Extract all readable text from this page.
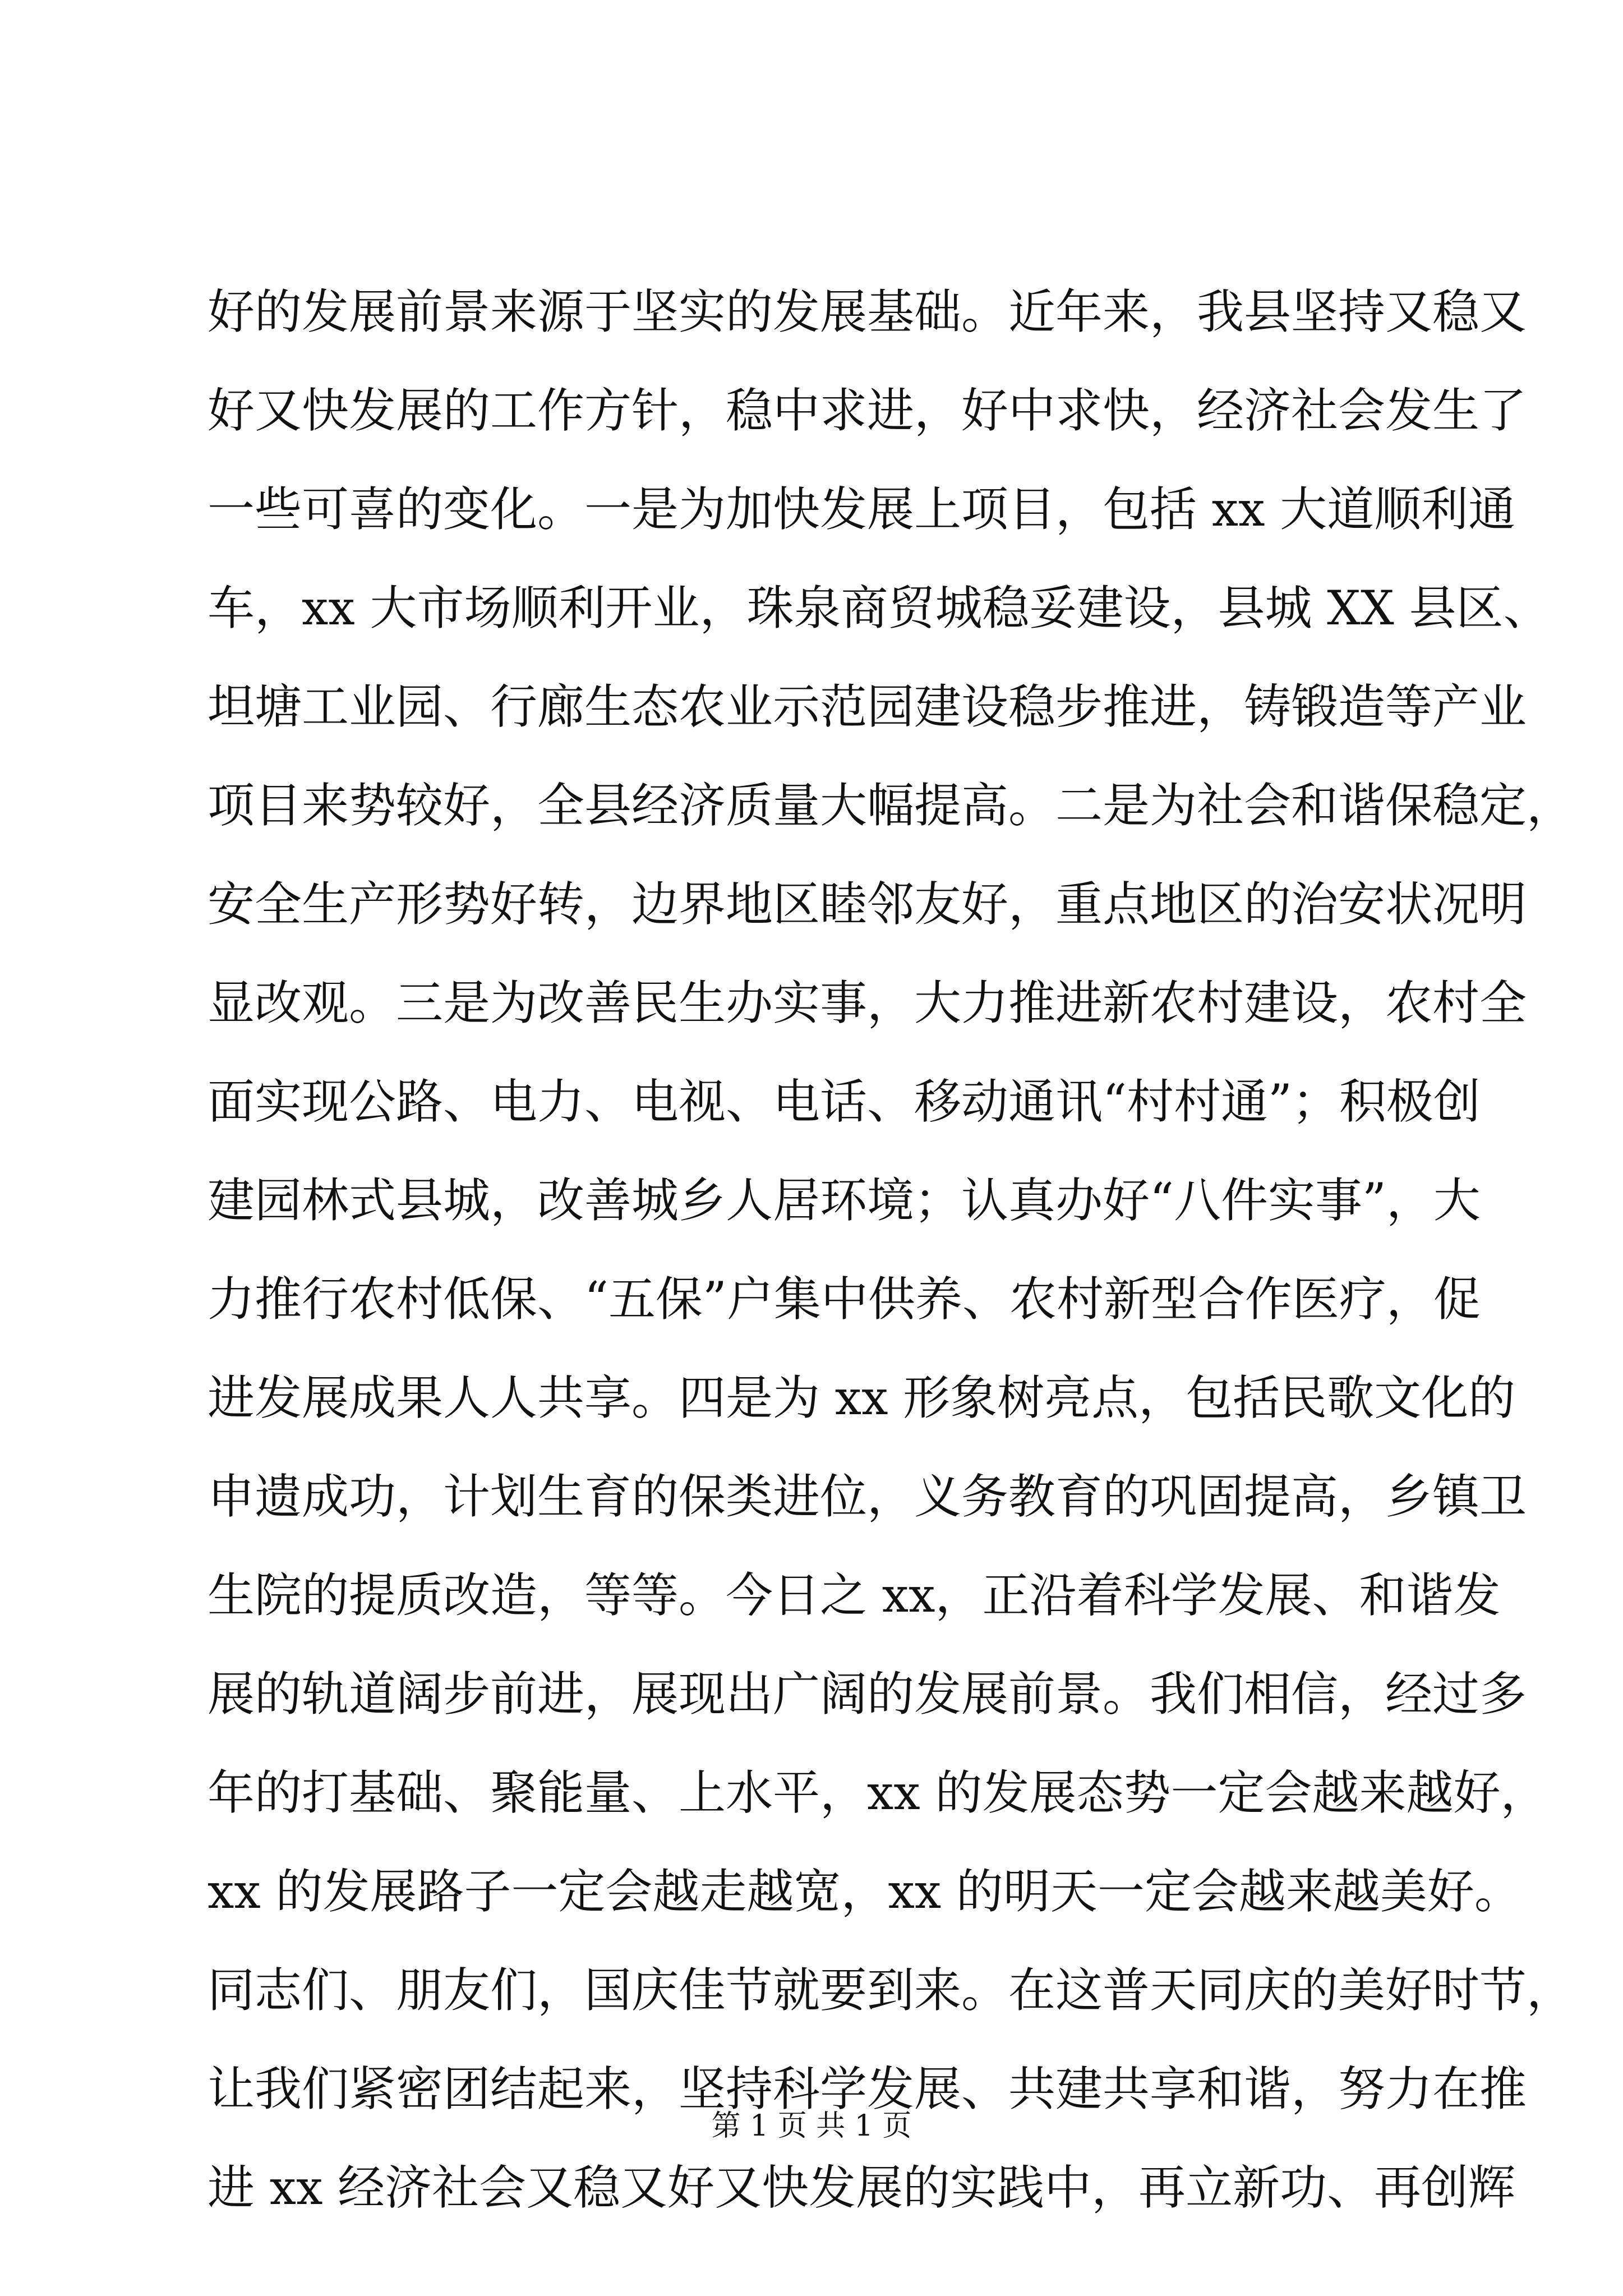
好的发展前景来源于坚实的发展基础。近年来，我县坚持又稳又
好又快发展的工作方针，稳中求进，好中求快，经济社会发生了
一些可喜的变化。一是为加快发展上项目，包括 xx 大道顺利通
车，xx 大市场顺利开业，珠泉商贸城稳妥建设，县城 XX 县区、
坦塘工业园、行廊生态农业示范园建设稳步推进，铸锻造等产业
项目来势较好，全县经济质量大幅提高。二是为社会和谐保稳定，
安全生产形势好转，边界地区睦邻友好，重点地区的治安状况明
显改观。三是为改善民生办实事，大力推进新农村建设，农村全
面实现公路、电力、电视、电话、移动通讯“村村通”；积极创
建园林式县城，改善城乡人居环境；认真办好“八件实事”，大
力推行农村低保、“五保”户集中供养、农村新型合作医疗，促
进发展成果人人共享。四是为 xx 形象树亮点，包括民歌文化的
申遗成功，计划生育的保类进位，义务教育的巩固提高，乡镇卫
生院的提质改造，等等。今日之 xx，正沿着科学发展、和谐发
展的轨道阔步前进，展现出广阔的发展前景。我们相信，经过多
年的打基础、聚能量、上水平，xx 的发展态势一定会越来越好，
xx 的发展路子一定会越走越宽，xx 的明天一定会越来越美好。
同志们、朋友们，国庆佳节就要到来。在这普天同庆的美好时节，
让我们紧密团结起来，坚持科学发展、共建共享和谐，努力在推
进 xx 经济社会又稳又好又快发展的实践中，再立新功、再创辉
第 1 页 共 1 页
